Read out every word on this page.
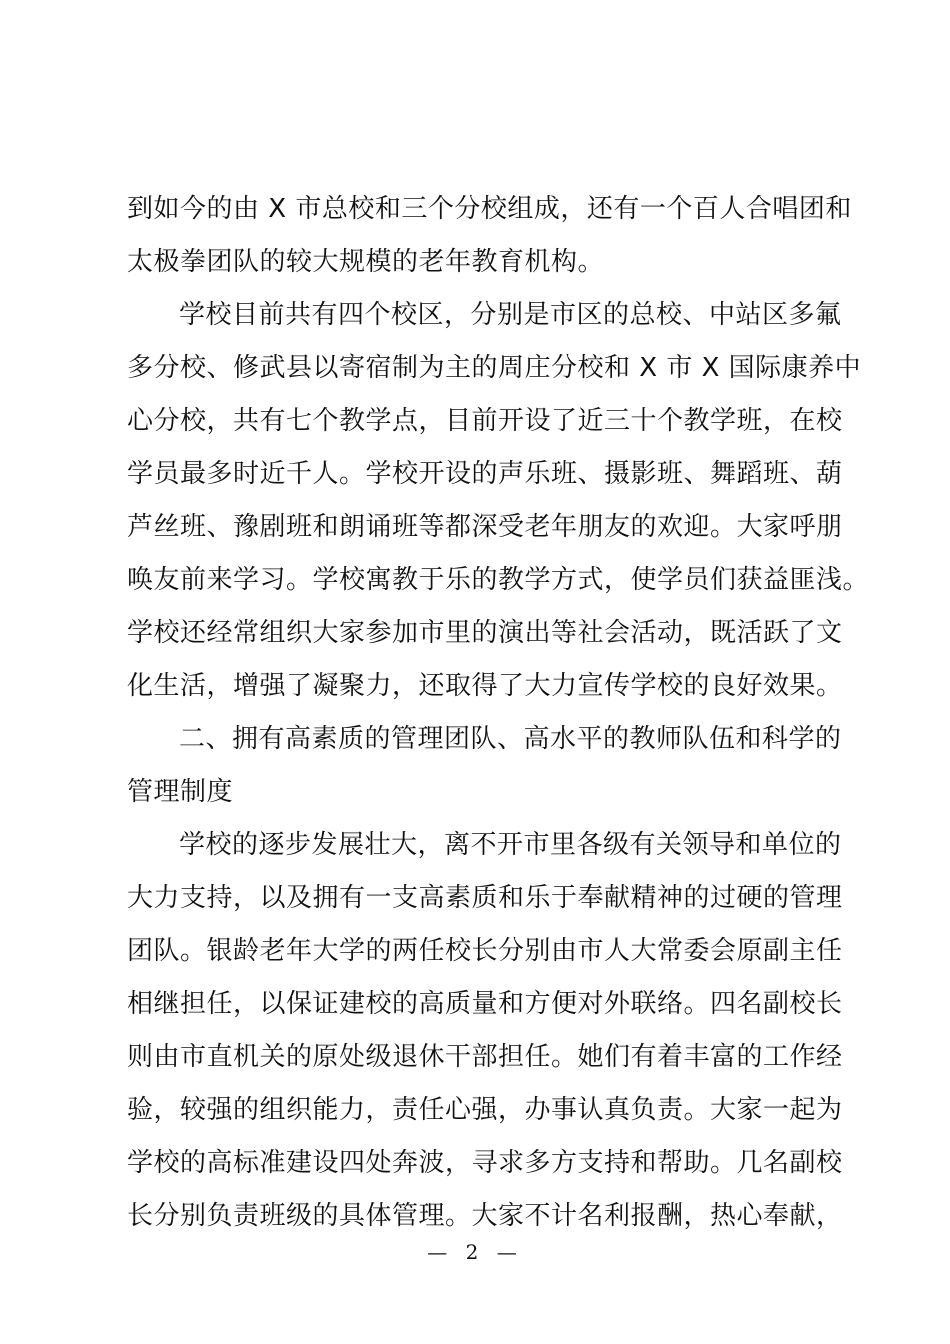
到如今的由 X 市总校和三个分校组成，还有一个百人合唱团和
太极拳团队的较大规模的老年教育机构。
学校目前共有四个校区，分别是市区的总校、中站区多氟
多分校、修武县以寄宿制为主的周庄分校和 X 市 X 国际康养中
心分校，共有七个教学点，目前开设了近三十个教学班，在校
学员最多时近千人。学校开设的声乐班、摄影班、舞蹈班、葫
芦丝班、豫剧班和朗诵班等都深受老年朋友的欢迎。大家呼朋
唤友前来学习。学校寓教于乐的教学方式，使学员们获益匪浅。
学校还经常组织大家参加市里的演出等社会活动，既活跃了文
化生活，增强了凝聚力，还取得了大力宣传学校的良好效果。
二、拥有高素质的管理团队、高水平的教师队伍和科学的
管理制度
学校的逐步发展壮大，离不开市里各级有关领导和单位的
大力支持，以及拥有一支高素质和乐于奉献精神的过硬的管理
团队。银龄老年大学的两任校长分别由市人大常委会原副主任
相继担任，以保证建校的高质量和方便对外联络。四名副校长
则由市直机关的原处级退休干部担任。她们有着丰富的工作经
验，较强的组织能力，责任心强，办事认真负责。大家一起为
学校的高标准建设四处奔波，寻求多方支持和帮助。几名副校
长分别负责班级的具体管理。大家不计名利报酬，热心奉献，
— 2 —
